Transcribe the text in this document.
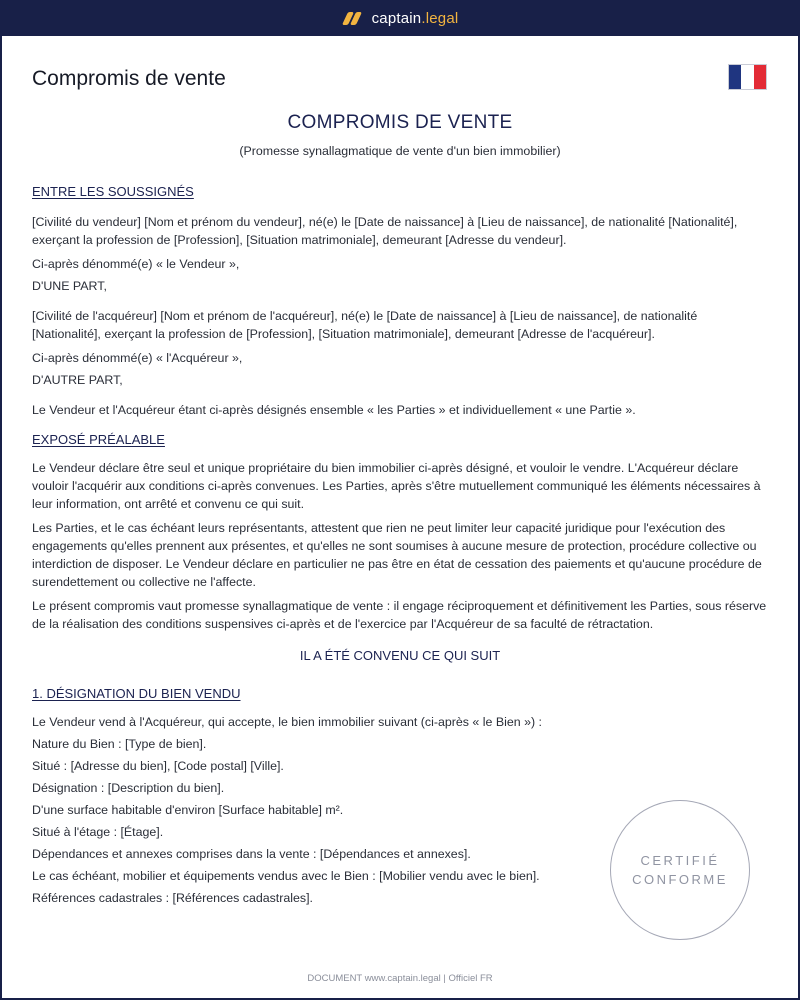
captain.legal
Compromis de vente
COMPROMIS DE VENTE
(Promesse synallagmatique de vente d'un bien immobilier)
ENTRE LES SOUSSIGNÉS

[Civilité du vendeur] [Nom et prénom du vendeur], né(e) le [Date de naissance] à [Lieu de naissance], de nationalité [Nationalité], exerçant la profession de [Profession], [Situation matrimoniale], demeurant [Adresse du vendeur].

Ci-après dénommé(e) « le Vendeur »,

D'UNE PART,

[Civilité de l'acquéreur] [Nom et prénom de l'acquéreur], né(e) le [Date de naissance] à [Lieu de naissance], de nationalité [Nationalité], exerçant la profession de [Profession], [Situation matrimoniale], demeurant [Adresse de l'acquéreur].

Ci-après dénommé(e) « l'Acquéreur »,

D'AUTRE PART,

Le Vendeur et l'Acquéreur étant ci-après désignés ensemble « les Parties » et individuellement « une Partie ».

EXPOSÉ PRÉALABLE

Le Vendeur déclare être seul et unique propriétaire du bien immobilier ci-après désigné, et vouloir le vendre. L'Acquéreur déclare vouloir l'acquérir aux conditions ci-après convenues. Les Parties, après s'être mutuellement communiqué les éléments nécessaires à leur information, ont arrêté et convenu ce qui suit.

Les Parties, et le cas échéant leurs représentants, attestent que rien ne peut limiter leur capacité juridique pour l'exécution des engagements qu'elles prennent aux présentes, et qu'elles ne sont soumises à aucune mesure de protection, procédure collective ou interdiction de disposer. Le Vendeur déclare en particulier ne pas être en état de cessation des paiements et qu'aucune procédure de surendettement ou collective ne l'affecte.

Le présent compromis vaut promesse synallagmatique de vente : il engage réciproquement et définitivement les Parties, sous réserve de la réalisation des conditions suspensives ci-après et de l'exercice par l'Acquéreur de sa faculté de rétractation.

IL A ÉTÉ CONVENU CE QUI SUIT
1. DÉSIGNATION DU BIEN VENDU

Le Vendeur vend à l'Acquéreur, qui accepte, le bien immobilier suivant (ci-après « le Bien ») :

Nature du Bien : [Type de bien].

Situé : [Adresse du bien], [Code postal] [Ville].

Désignation : [Description du bien].

D'une surface habitable d'environ [Surface habitable] m².

Situé à l'étage : [Étage].

Dépendances et annexes comprises dans la vente : [Dépendances et annexes].

Le cas échéant, mobilier et équipements vendus avec le Bien : [Mobilier vendu avec le bien].

Références cadastrales : [Références cadastrales].

CERTIFIÉ
CONFORME
DOCUMENT www.captain.legal | Officiel FR
